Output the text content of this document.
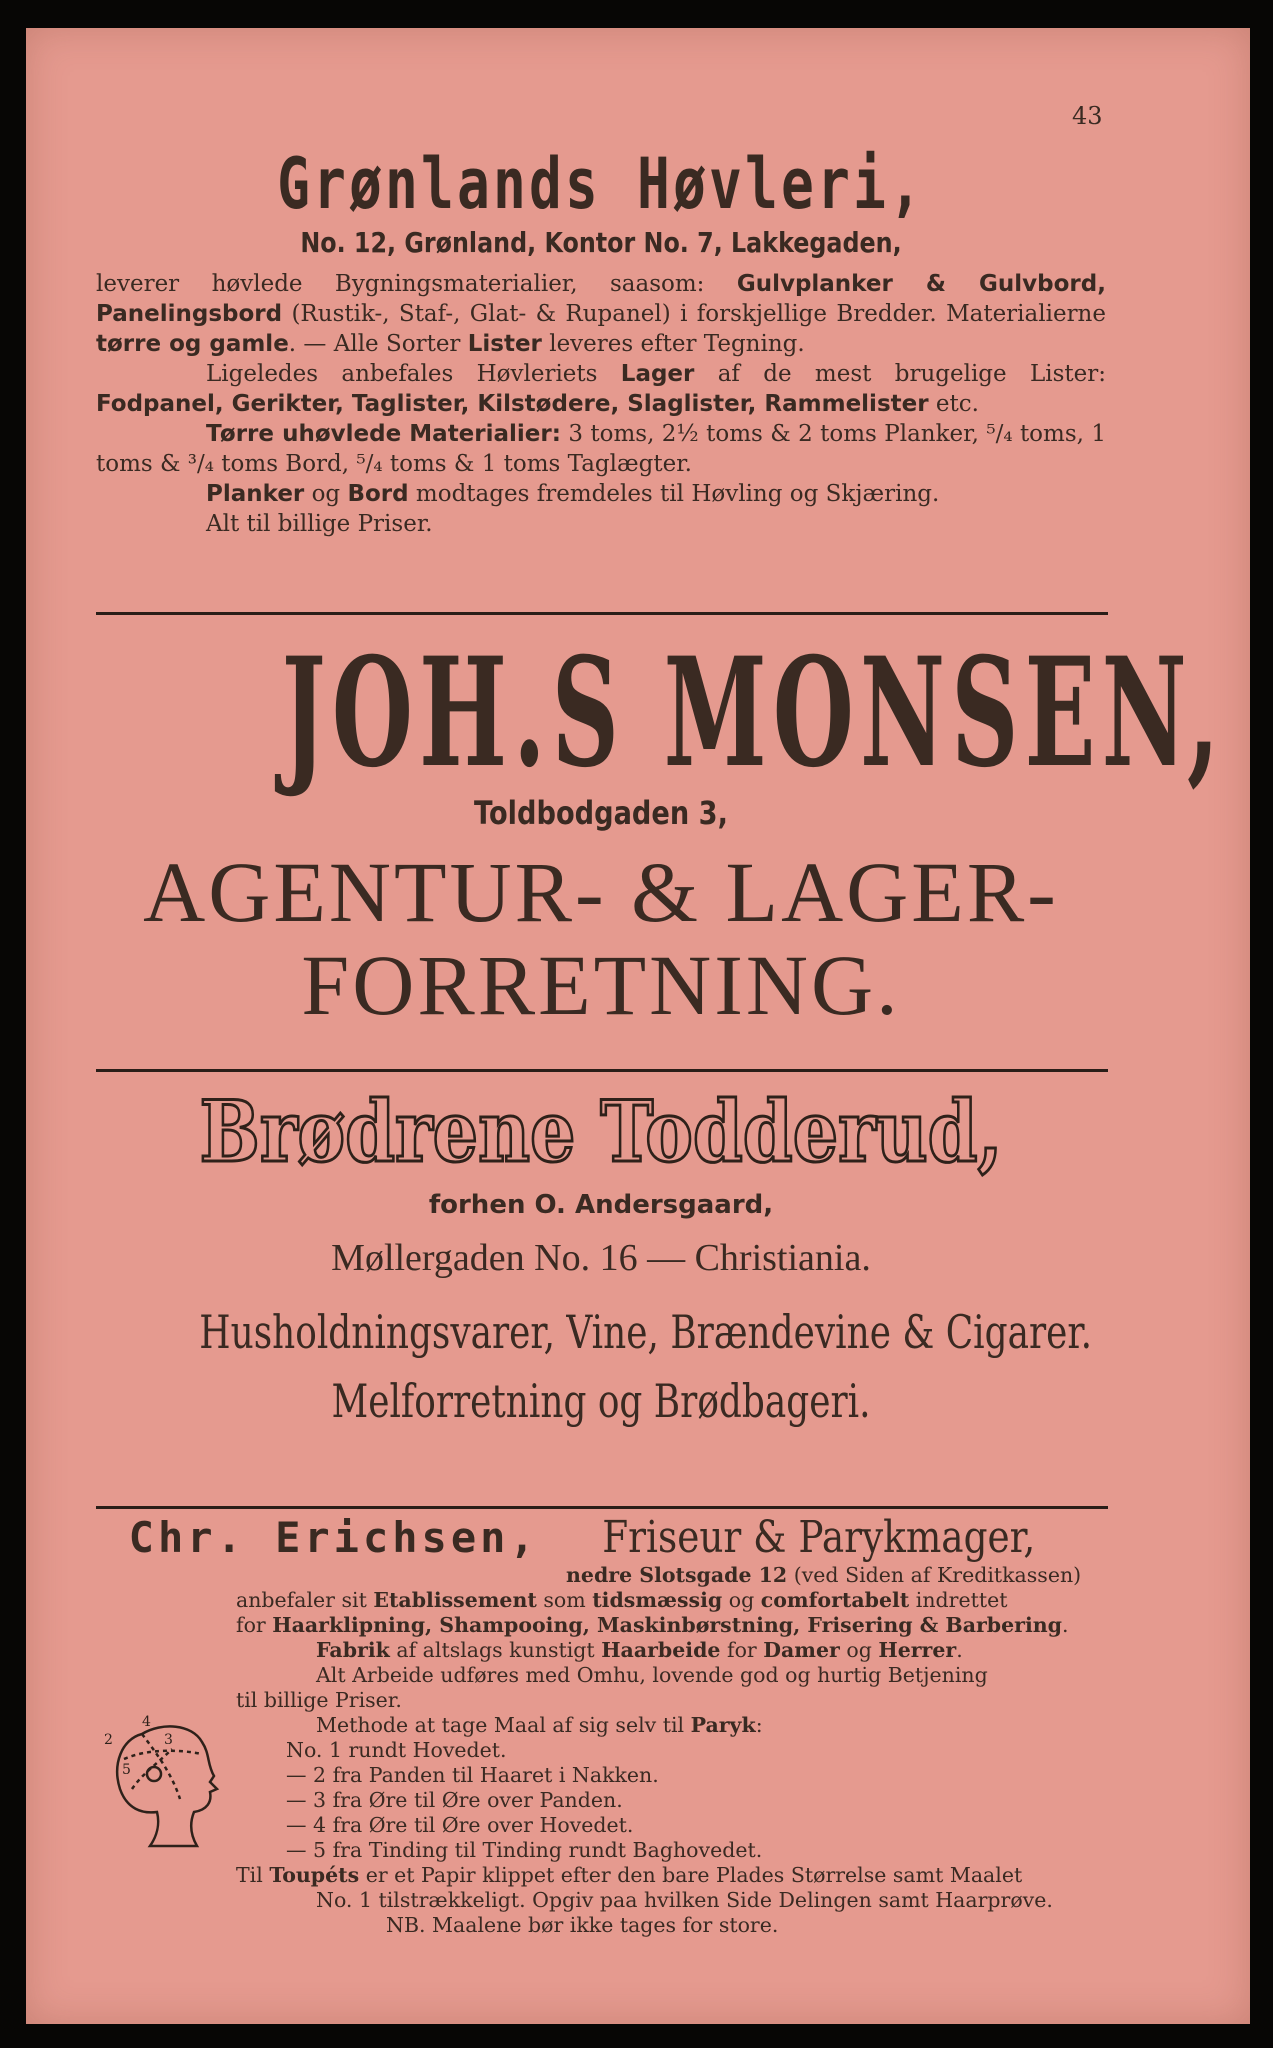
43

Grønlands Høvleri,

No. 12, Grønland, Kontor No. 7, Lakkegaden,

leverer høvlede Bygningsmaterialier, saasom: Gulvplanker & Gulvbord, Panelingsbord (Rustik-, Staf-, Glat- & Rupanel) i forskjellige Bredder. Materialierne tørre og gamle. — Alle Sorter Lister leveres efter Tegning.

Ligeledes anbefales Høvleriets Lager af de mest brugelige Lister: Fodpanel, Gerikter, Taglister, Kilstødere, Slaglister, Rammelister etc.

Tørre uhøvlede Materialier: 3 toms, 2½ toms & 2 toms Planker, ⁵/₄ toms, 1 toms & ³/₄ toms Bord, ⁵/₄ toms & 1 toms Taglægter.

Planker og Bord modtages fremdeles til Høvling og Skjæring.

Alt til billige Priser.

JOH.S MONSEN,

Toldbodgaden 3,

AGENTUR- & LAGER-

FORRETNING.

Brødrene Todderud,

forhen O. Andersgaard,

Møllergaden No. 16 — Christiania.

Husholdningsvarer, Vine, Brændevine & Cigarer.

Melforretning og Brødbageri.

Chr. Erichsen, Friseur & Parykmager,

nedre Slotsgade 12 (ved Siden af Kreditkassen)

anbefaler sit Etablissement som tidsmæssig og comfortabelt indrettet

for Haarklipning, Shampooing, Maskinbørstning, Frisering & Barbering.

Fabrik af altslags kunstigt Haarbeide for Damer og Herrer.

Alt Arbeide udføres med Omhu, lovende god og hurtig Betjening

til billige Priser.

Methode at tage Maal af sig selv til Paryk:

No. 1 rundt Hovedet.

— 2 fra Panden til Haaret i Nakken.

— 3 fra Øre til Øre over Panden.

— 4 fra Øre til Øre over Hovedet.

— 5 fra Tinding til Tinding rundt Baghovedet.

Til Toupéts er et Papir klippet efter den bare Plades Størrelse samt Maalet

No. 1 tilstrækkeligt. Opgiv paa hvilken Side Delingen samt Haarprøve.

NB. Maalene bør ikke tages for store.

2
4
3
5
